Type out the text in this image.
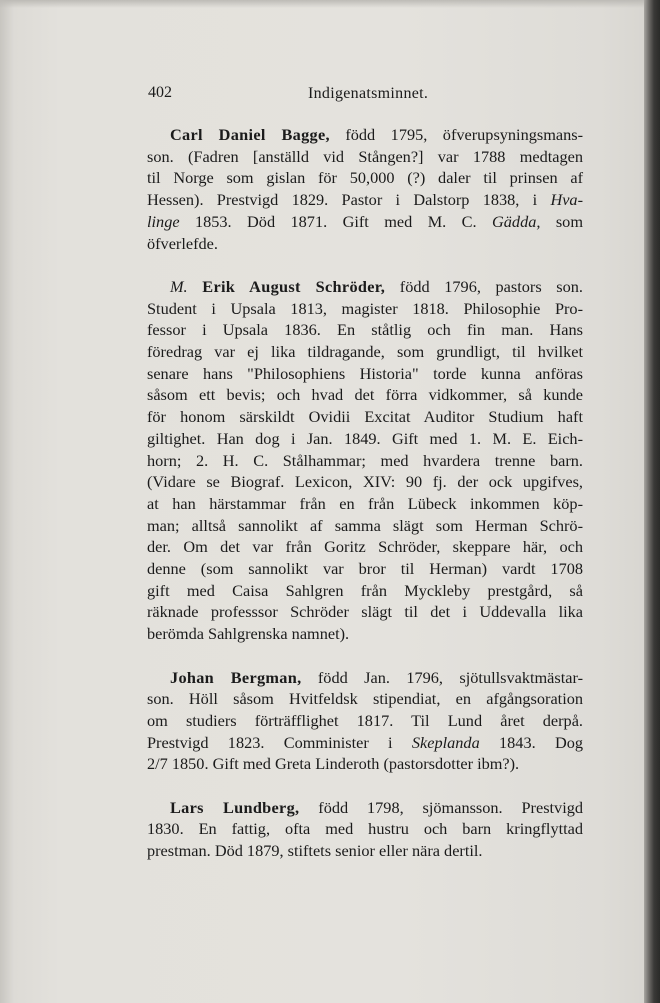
402	Indigenatsminnet.
Carl Daniel Bagge, född 1795, öfverupsyningsmans-
son. (Fadren [anställd vid Stången?] var 1788 medtagen
til Norge som gislan för 50,000 (?) daler til prinsen af
Hessen). Prestvigd 1829. Pastor i Dalstorp 1838, i Hva-
linge 1853. Död 1871. Gift med M. C. Gädda, som
öfverlefde.
M. Erik August Schröder, född 1796, pastors son.
Student i Upsala 1813, magister 1818. Philosophie Pro-
fessor i Upsala 1836. En ståtlig och fin man. Hans
föredrag var ej lika tildragande, som grundligt, til hvilket
senare hans "Philosophiens Historia" torde kunna anföras
såsom ett bevis; och hvad det förra vidkommer, så kunde
för honom särskildt Ovidii Excitat Auditor Studium haft
giltighet. Han dog i Jan. 1849. Gift med 1. M. E. Eich-
horn; 2. H. C. Stålhammar; med hvardera trenne barn.
(Vidare se Biograf. Lexicon, XIV: 90 fj. der ock upgifves,
at han härstammar från en från Lübeck inkommen köp-
man; alltså sannolikt af samma slägt som Herman Schrö-
der. Om det var från Goritz Schröder, skeppare här, och
denne (som sannolikt var bror til Herman) vardt 1708
gift med Caisa Sahlgren från Myckleby prestgård, så
räknade professsor Schröder slägt til det i Uddevalla lika
berömda Sahlgrenska namnet).
Johan Bergman, född Jan. 1796, sjötullsvaktmästar-
son. Höll såsom Hvitfeldsk stipendiat, en afgångsoration
om studiers förträfflighet 1817. Til Lund året derpå.
Prestvigd 1823. Comminister i Skeplanda 1843. Dog
2/7 1850. Gift med Greta Linderoth (pastorsdotter ibm?).
Lars Lundberg, född 1798, sjömansson. Prestvigd
1830. En fattig, ofta med hustru och barn kringflyttad
prestman. Död 1879, stiftets senior eller nära dertil.
